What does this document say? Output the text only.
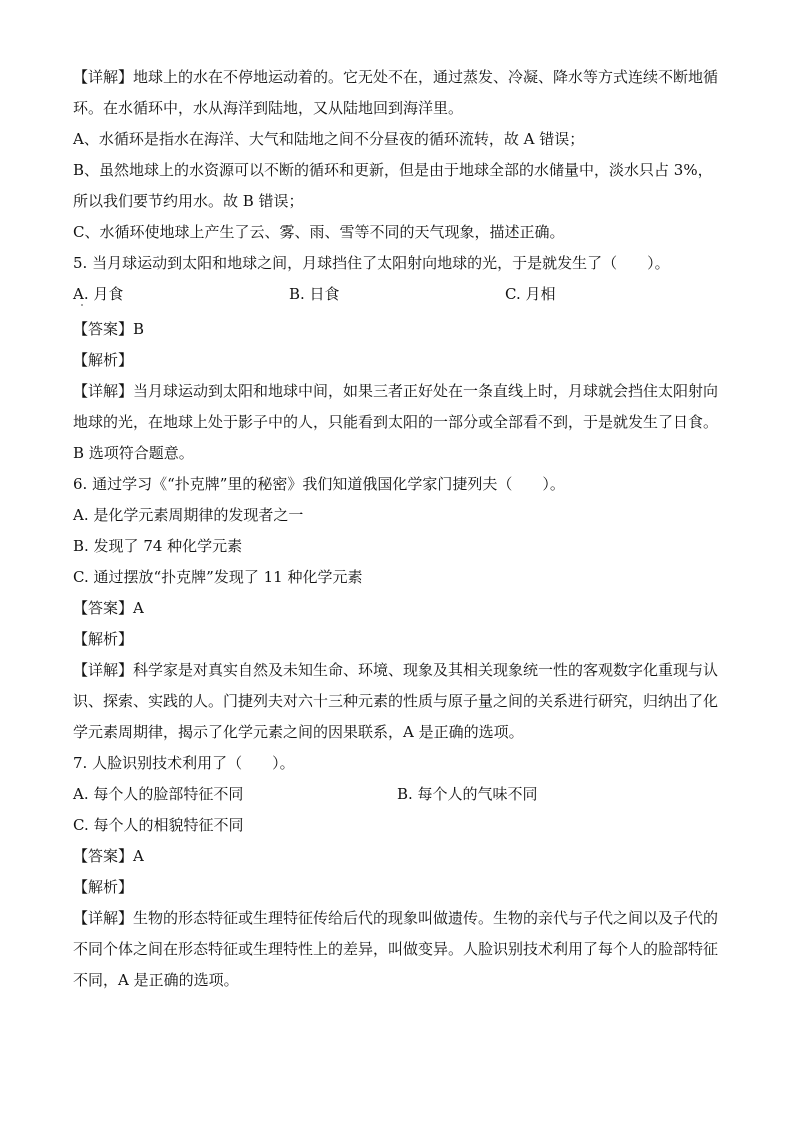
【详解】地球上的水在不停地运动着的。它无处不在，通过蒸发、冷凝、降水等方式连续不断地循环。在水循环中，水从海洋到陆地，又从陆地回到海洋里。

A、水循环是指水在海洋、大气和陆地之间不分昼夜的循环流转，故 A 错误；

B、虽然地球上的水资源可以不断的循环和更新，但是由于地球全部的水储量中，淡水只占 3%，所以我们要节约用水。故 B 错误；

C、水循环使地球上产生了云、雾、雨、雪等不同的天气现象，描述正确。

5. 当月球运动到太阳和地球之间，月球挡住了太阳射向地球的光，于是就发生了（　　）。

A. 月食	B. 日食	C. 月相

【答案】B

【解析】

【详解】当月球运动到太阳和地球中间，如果三者正好处在一条直线上时，月球就会挡住太阳射向地球的光，在地球上处于影子中的人，只能看到太阳的一部分或全部看不到，于是就发生了日食。B 选项符合题意。

6. 通过学习《“扑克牌”里的秘密》我们知道俄国化学家门捷列夫（　　）。

A. 是化学元素周期律的发现者之一

B. 发现了 74 种化学元素

C. 通过摆放“扑克牌”发现了 11 种化学元素

【答案】A

【解析】

【详解】科学家是对真实自然及未知生命、环境、现象及其相关现象统一性的客观数字化重现与认识、探索、实践的人。门捷列夫对六十三种元素的性质与原子量之间的关系进行研究，归纳出了化学元素周期律，揭示了化学元素之间的因果联系，A 是正确的选项。

7. 人脸识别技术利用了（　　）。

A. 每个人的脸部特征不同	B. 每个人的气味不同

C. 每个人的相貌特征不同

【答案】A

【解析】

【详解】生物的形态特征或生理特征传给后代的现象叫做遗传。生物的亲代与子代之间以及子代的不同个体之间在形态特征或生理特性上的差异，叫做变异。人脸识别技术利用了每个人的脸部特征不同，A 是正确的选项。
